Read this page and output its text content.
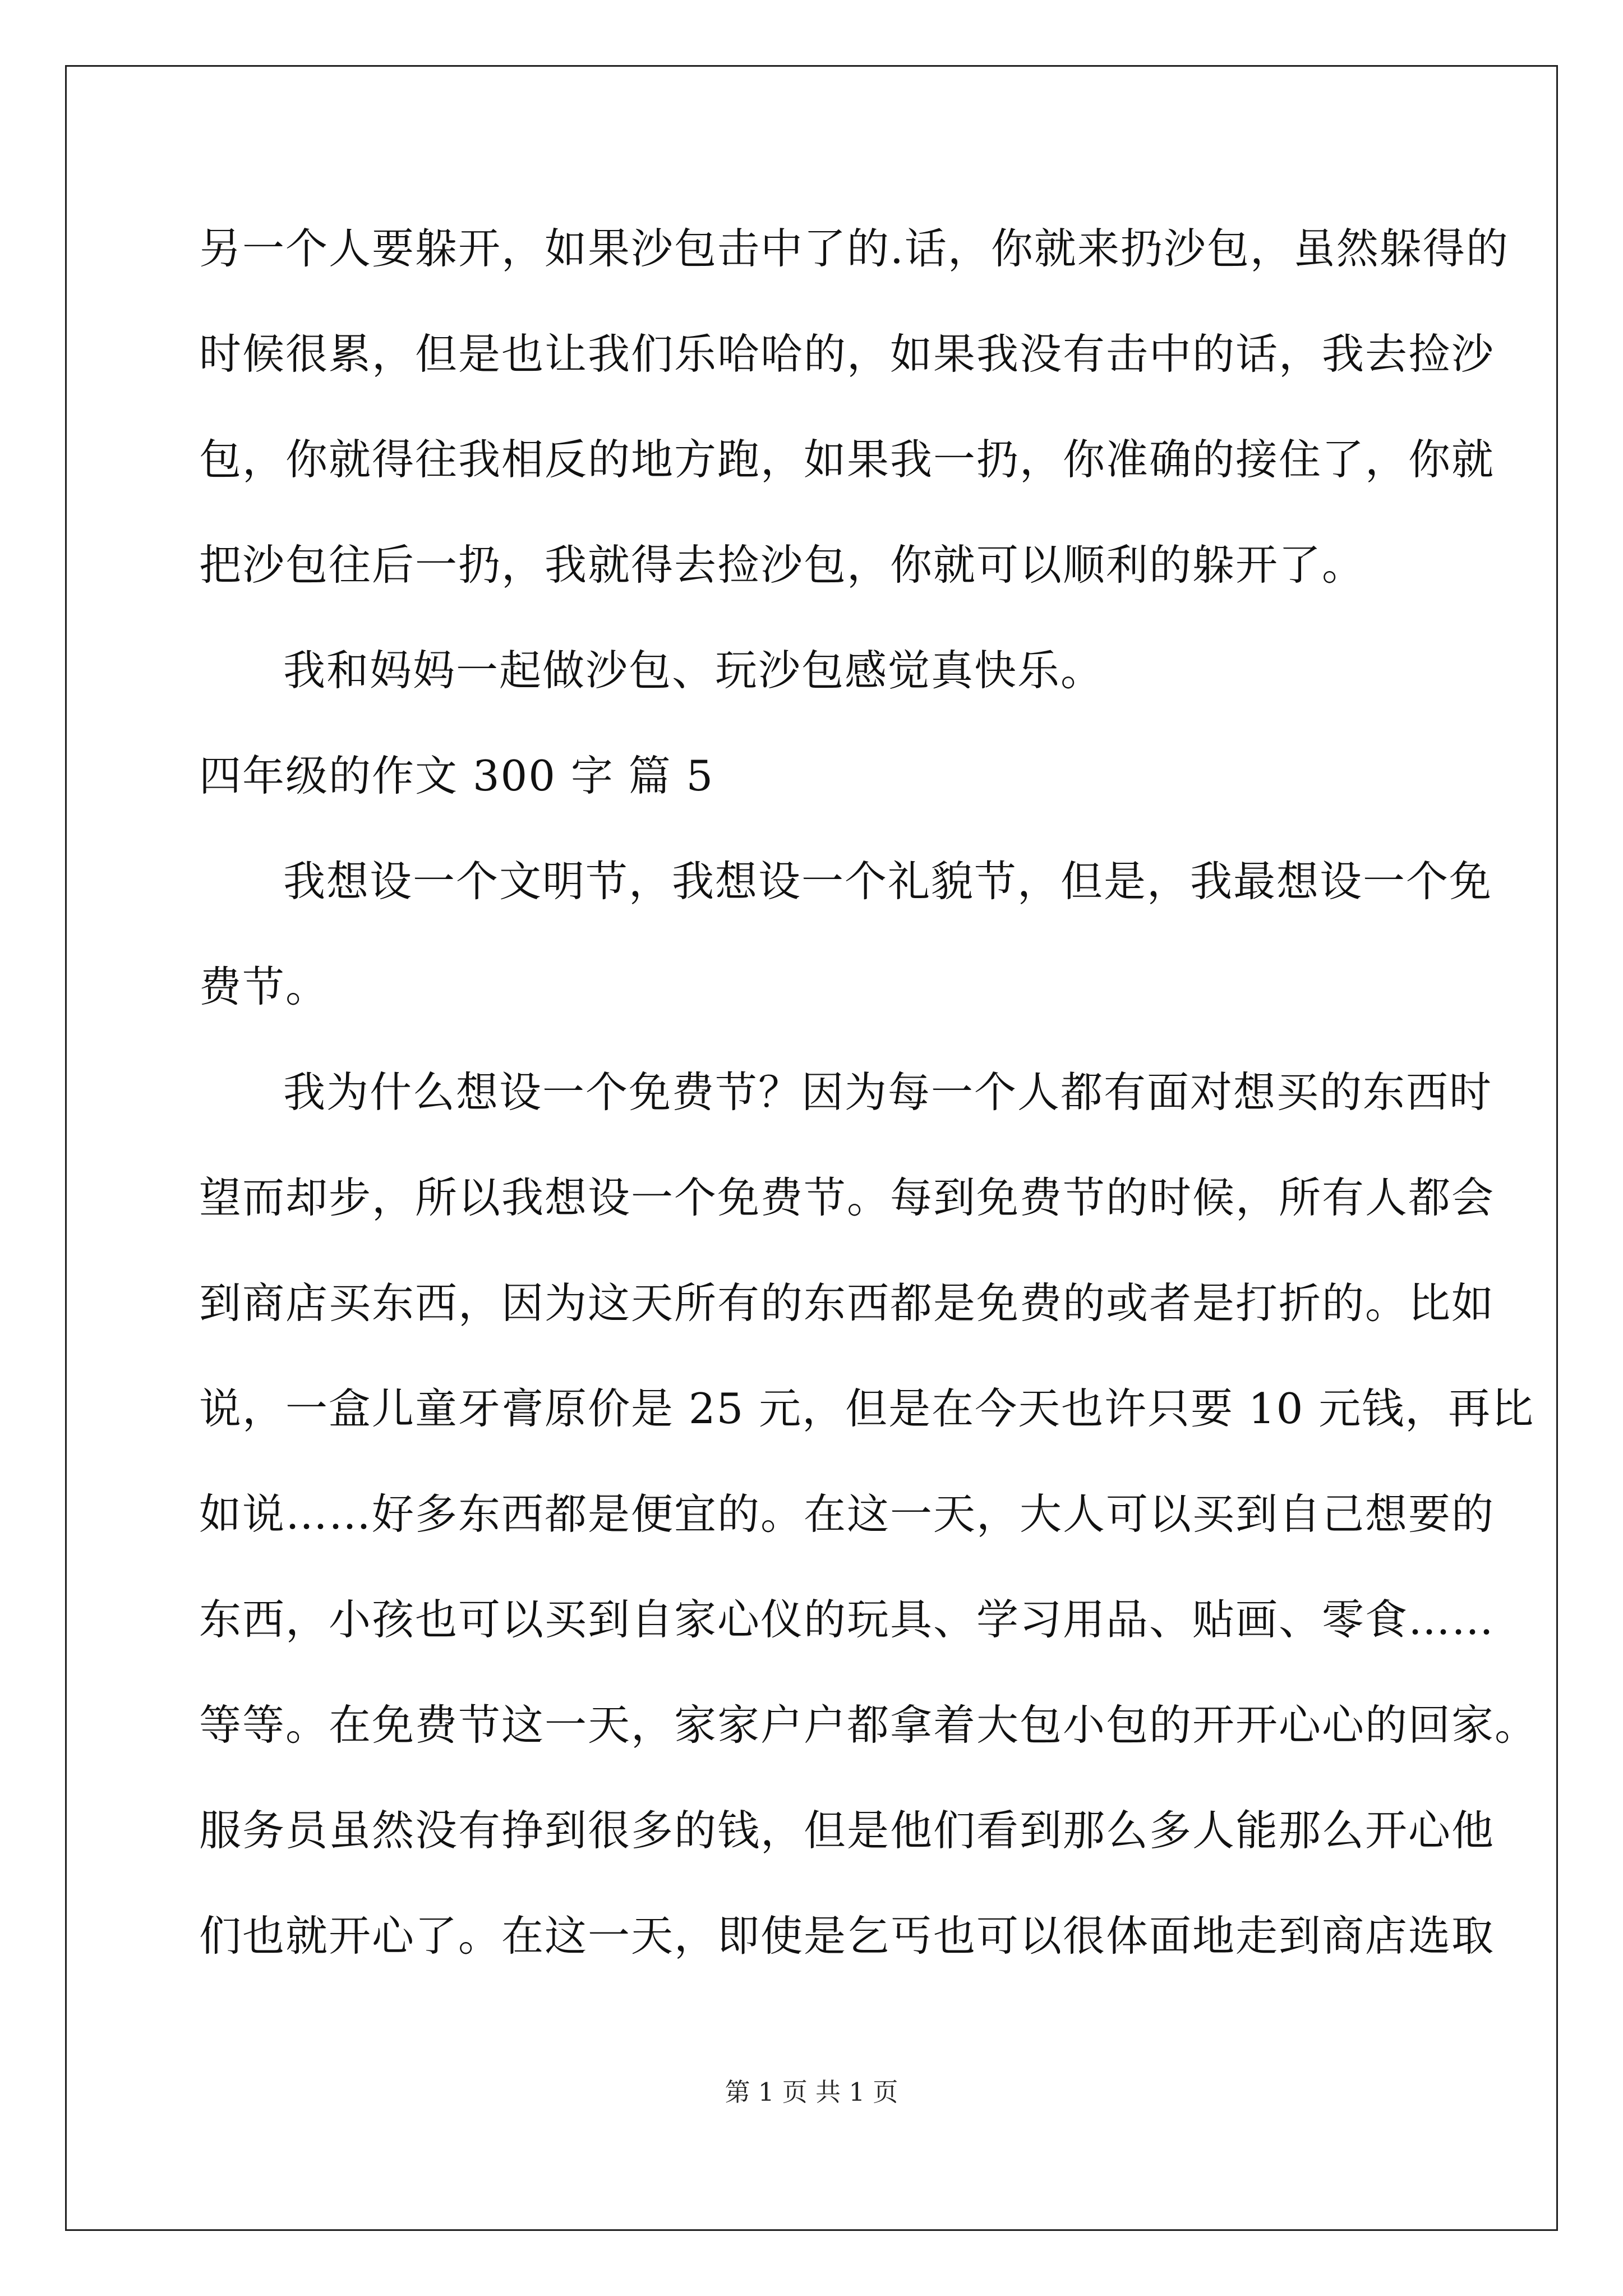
另一个人要躲开，如果沙包击中了的.话，你就来扔沙包，虽然躲得的
时候很累，但是也让我们乐哈哈的，如果我没有击中的话，我去捡沙
包，你就得往我相反的地方跑，如果我一扔，你准确的接住了，你就
把沙包往后一扔，我就得去捡沙包，你就可以顺利的躲开了。
我和妈妈一起做沙包、玩沙包感觉真快乐。
四年级的作文 300 字 篇 5
我想设一个文明节，我想设一个礼貌节，但是，我最想设一个免
费节。
我为什么想设一个免费节？因为每一个人都有面对想买的东西时
望而却步，所以我想设一个免费节。每到免费节的时候，所有人都会
到商店买东西，因为这天所有的东西都是免费的或者是打折的。比如
说，一盒儿童牙膏原价是 25 元，但是在今天也许只要 10 元钱，再比
如说……好多东西都是便宜的。在这一天，大人可以买到自己想要的
东西，小孩也可以买到自家心仪的玩具、学习用品、贴画、零食……
等等。在免费节这一天，家家户户都拿着大包小包的开开心心的回家。
服务员虽然没有挣到很多的钱，但是他们看到那么多人能那么开心他
们也就开心了。在这一天，即使是乞丐也可以很体面地走到商店选取
第 1 页 共 1 页
